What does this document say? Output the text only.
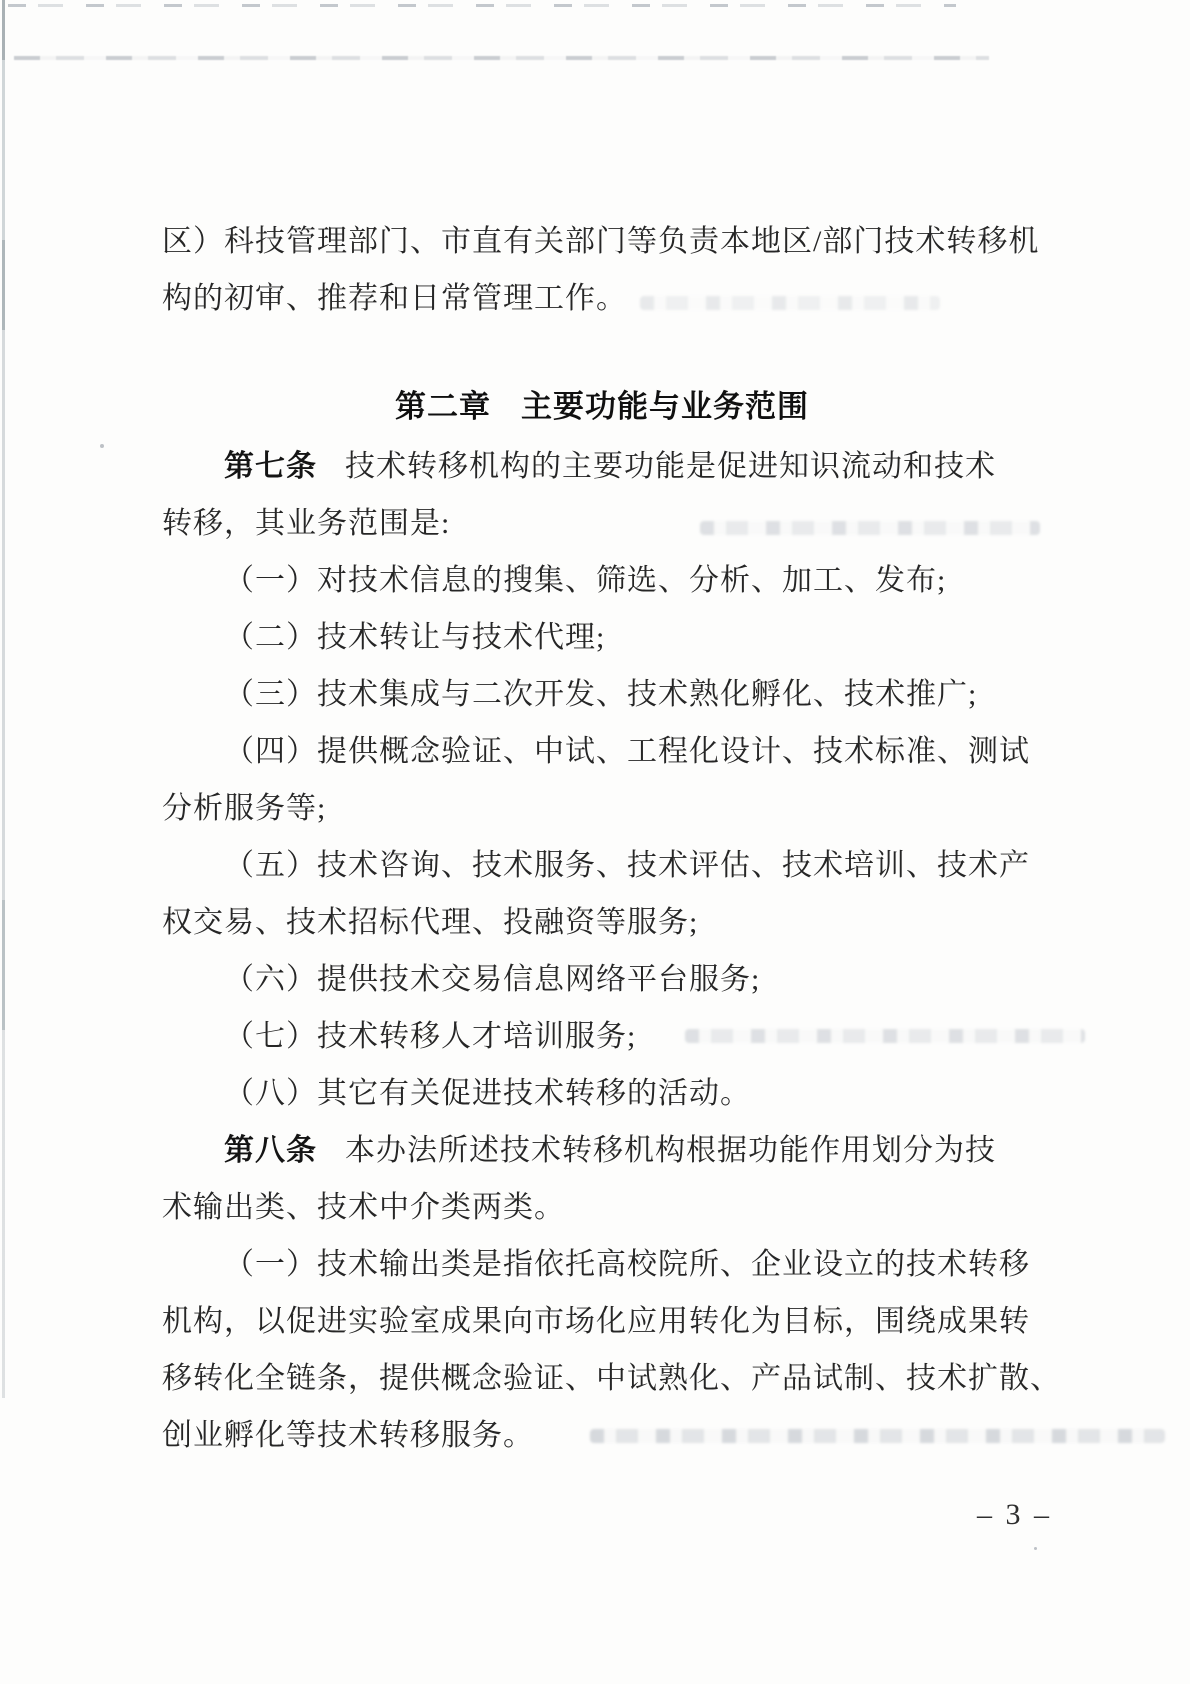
区）科技管理部门、市直有关部门等负责本地区/部门技术转移机
构的初审、推荐和日常管理工作。
第二章 主要功能与业务范围
第七条 技术转移机构的主要功能是促进知识流动和技术
转移，其业务范围是:
（一）对技术信息的搜集、筛选、分析、加工、发布;
（二）技术转让与技术代理;
（三）技术集成与二次开发、技术熟化孵化、技术推广;
（四）提供概念验证、中试、工程化设计、技术标准、测试
分析服务等;
（五）技术咨询、技术服务、技术评估、技术培训、技术产
权交易、技术招标代理、投融资等服务;
（六）提供技术交易信息网络平台服务;
（七）技术转移人才培训服务;
（八）其它有关促进技术转移的活动。
第八条 本办法所述技术转移机构根据功能作用划分为技
术输出类、技术中介类两类。
（一）技术输出类是指依托高校院所、企业设立的技术转移
机构，以促进实验室成果向市场化应用转化为目标，围绕成果转
移转化全链条，提供概念验证、中试熟化、产品试制、技术扩散、
创业孵化等技术转移服务。
– 3 –
